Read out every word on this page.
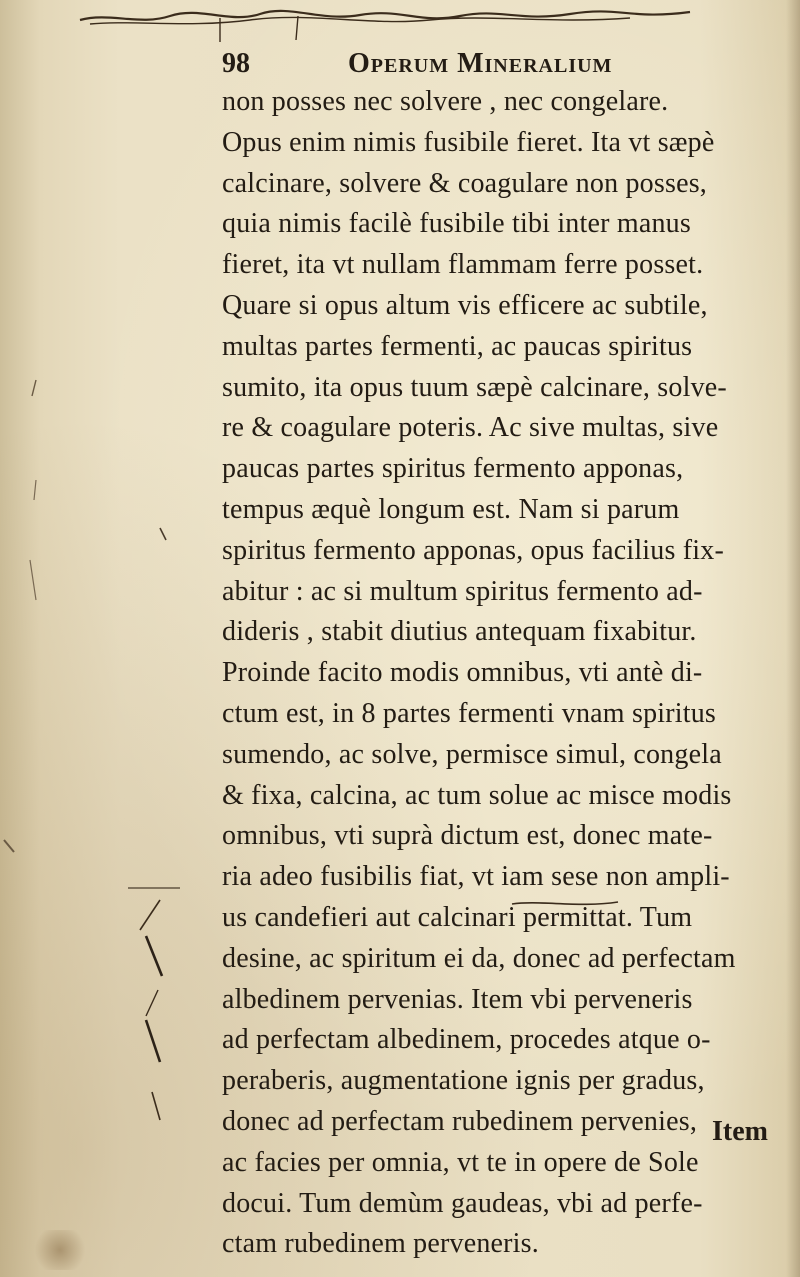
98	Operum Mineralium
non posses nec solvere , nec congelare.
Opus enim nimis fusibile fieret. Ita vt sæpè
calcinare, solvere & coagulare non posses,
quia nimis facilè fusibile tibi inter manus
fieret, ita vt nullam flammam ferre posset.
Quare si opus altum vis efficere ac subtile,
multas partes fermenti, ac paucas spiritus
sumito, ita opus tuum sæpè calcinare, solve-
re & coagulare poteris. Ac sive multas, sive
paucas partes spiritus fermento apponas,
tempus æquè longum est. Nam si parum
spiritus fermento apponas, opus facilius fix-
abitur : ac si multum spiritus fermento ad-
dideris , stabit diutius antequam fixabitur.
Proinde facito modis omnibus, vti antè di-
ctum est, in 8 partes fermenti vnam spiritus
sumendo, ac solve, permisce simul, congela
& fixa, calcina, ac tum solue ac misce modis
omnibus, vti suprà dictum est, donec mate-
ria adeo fusibilis fiat, vt iam sese non ampli-
us candefieri aut calcinari permittat. Tum
desine, ac spiritum ei da, donec ad perfectam
albedinem pervenias. Item vbi perveneris
ad perfectam albedinem, procedes atque o-
peraberis, augmentatione ignis per gradus,
donec ad perfectam rubedinem pervenies,
ac facies per omnia, vt te in opere de Sole
docui. Tum demùm gaudeas, vbi ad perfe-
ctam rubedinem perveneris.
Item
